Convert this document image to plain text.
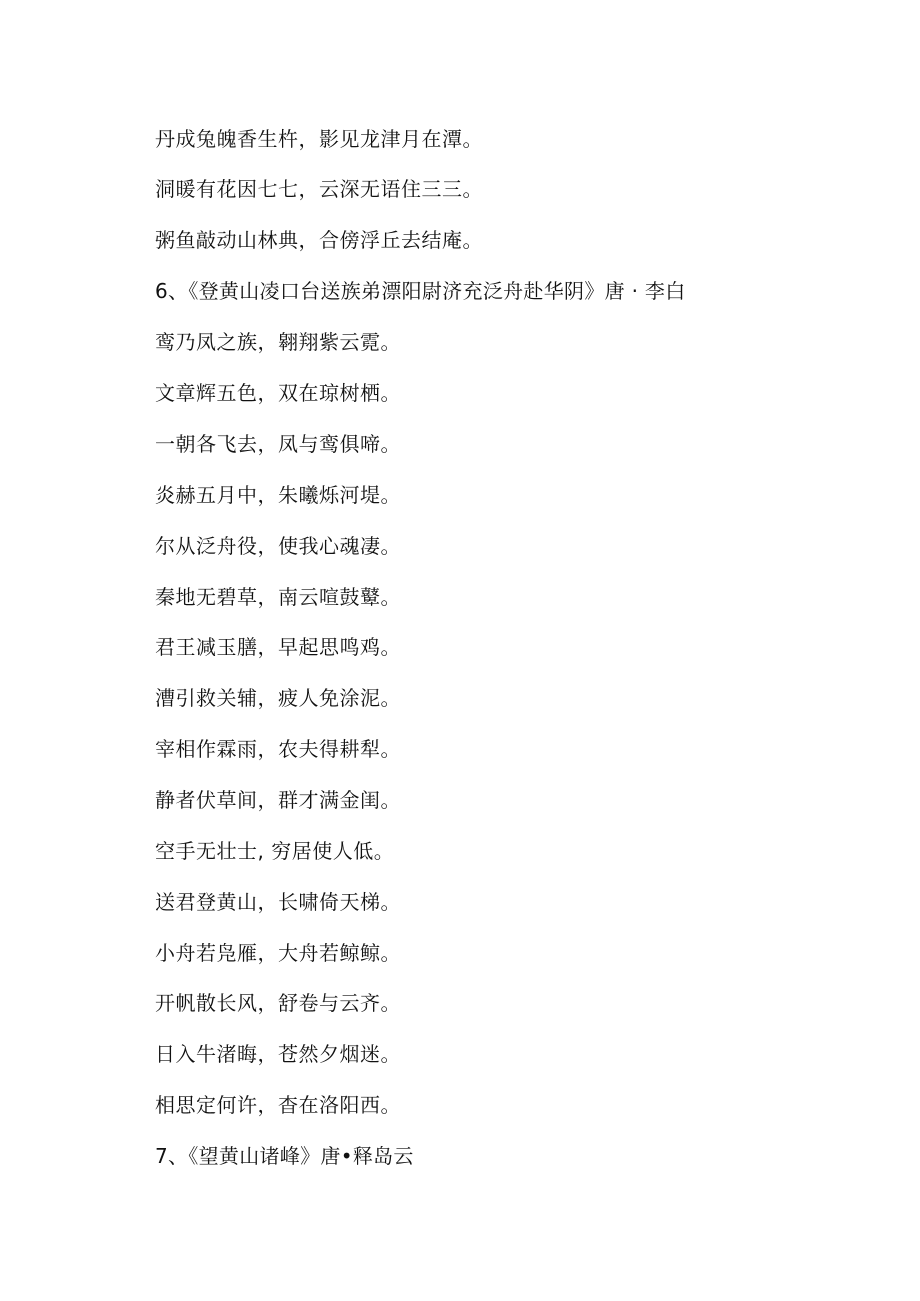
丹成兔魄香生杵，影见龙津月在潭。
洞暖有花因七七，云深无语住三三。
粥鱼敲动山林典，合傍浮丘去结庵。
6、《登黄山凌口台送族弟漂阳尉济充泛舟赴华阴》唐 · 李白
鸾乃凤之族，翱翔紫云霓。
文章辉五色，双在琼树栖。
一朝各飞去，凤与鸾俱啼。
炎赫五月中，朱曦烁河堤。
尔从泛舟役，使我心魂凄。
秦地无碧草，南云喧鼓鼙。
君王减玉膳，早起思鸣鸡。
漕引救关辅，疲人免涂泥。
宰相作霖雨，农夫得耕犁。
静者伏草间，群才满金闺。
空手无壮士, 穷居使人低。
送君登黄山，长啸倚天梯。
小舟若凫雁，大舟若鲸鲸。
开帆散长风，舒卷与云齐。
日入牛渚晦，苍然夕烟迷。
相思定何许，杳在洛阳西。
7、《望黄山诸峰》唐•释岛云
